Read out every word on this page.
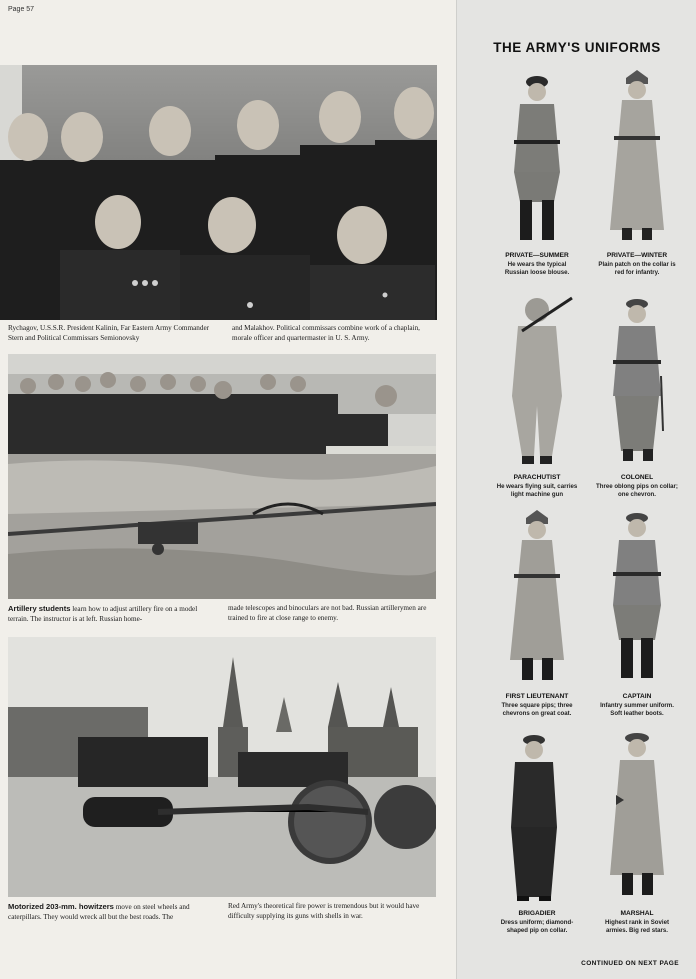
Page 57
Rychagov, U.S.S.R. President Kalinin, Far Eastern Army Commander Stern and Political Commissars Semionovsky
and Malakhov. Political commissars combine work of a chaplain, morale officer and quartermaster in U. S. Army.
Artillery students learn how to adjust artillery fire on a model terrain. The instructor is at left. Russian home-
made telescopes and binoculars are not bad. Russian artillerymen are trained to fire at close range to enemy.
Motorized 203-mm. howitzers move on steel wheels and caterpillars. They would wreck all but the best roads. The
Red Army's theoretical fire power is tremendous but it would have difficulty supplying its guns with shells in war.
THE ARMY'S UNIFORMS
PRIVATE—SUMMER
He wears the typical Russian loose blouse.
PRIVATE—WINTER
Plain patch on the collar is red for infantry.
PARACHUTIST
He wears flying suit, carries light machine gun
COLONEL
Three oblong pips on collar; one chevron.
FIRST LIEUTENANT
Three square pips; three chevrons on great coat.
CAPTAIN
Infantry summer uniform. Soft leather boots.
BRIGADIER
Dress uniform; diamond-shaped pip on collar.
MARSHAL
Highest rank in Soviet armies. Big red stars.
CONTINUED ON NEXT PAGE
